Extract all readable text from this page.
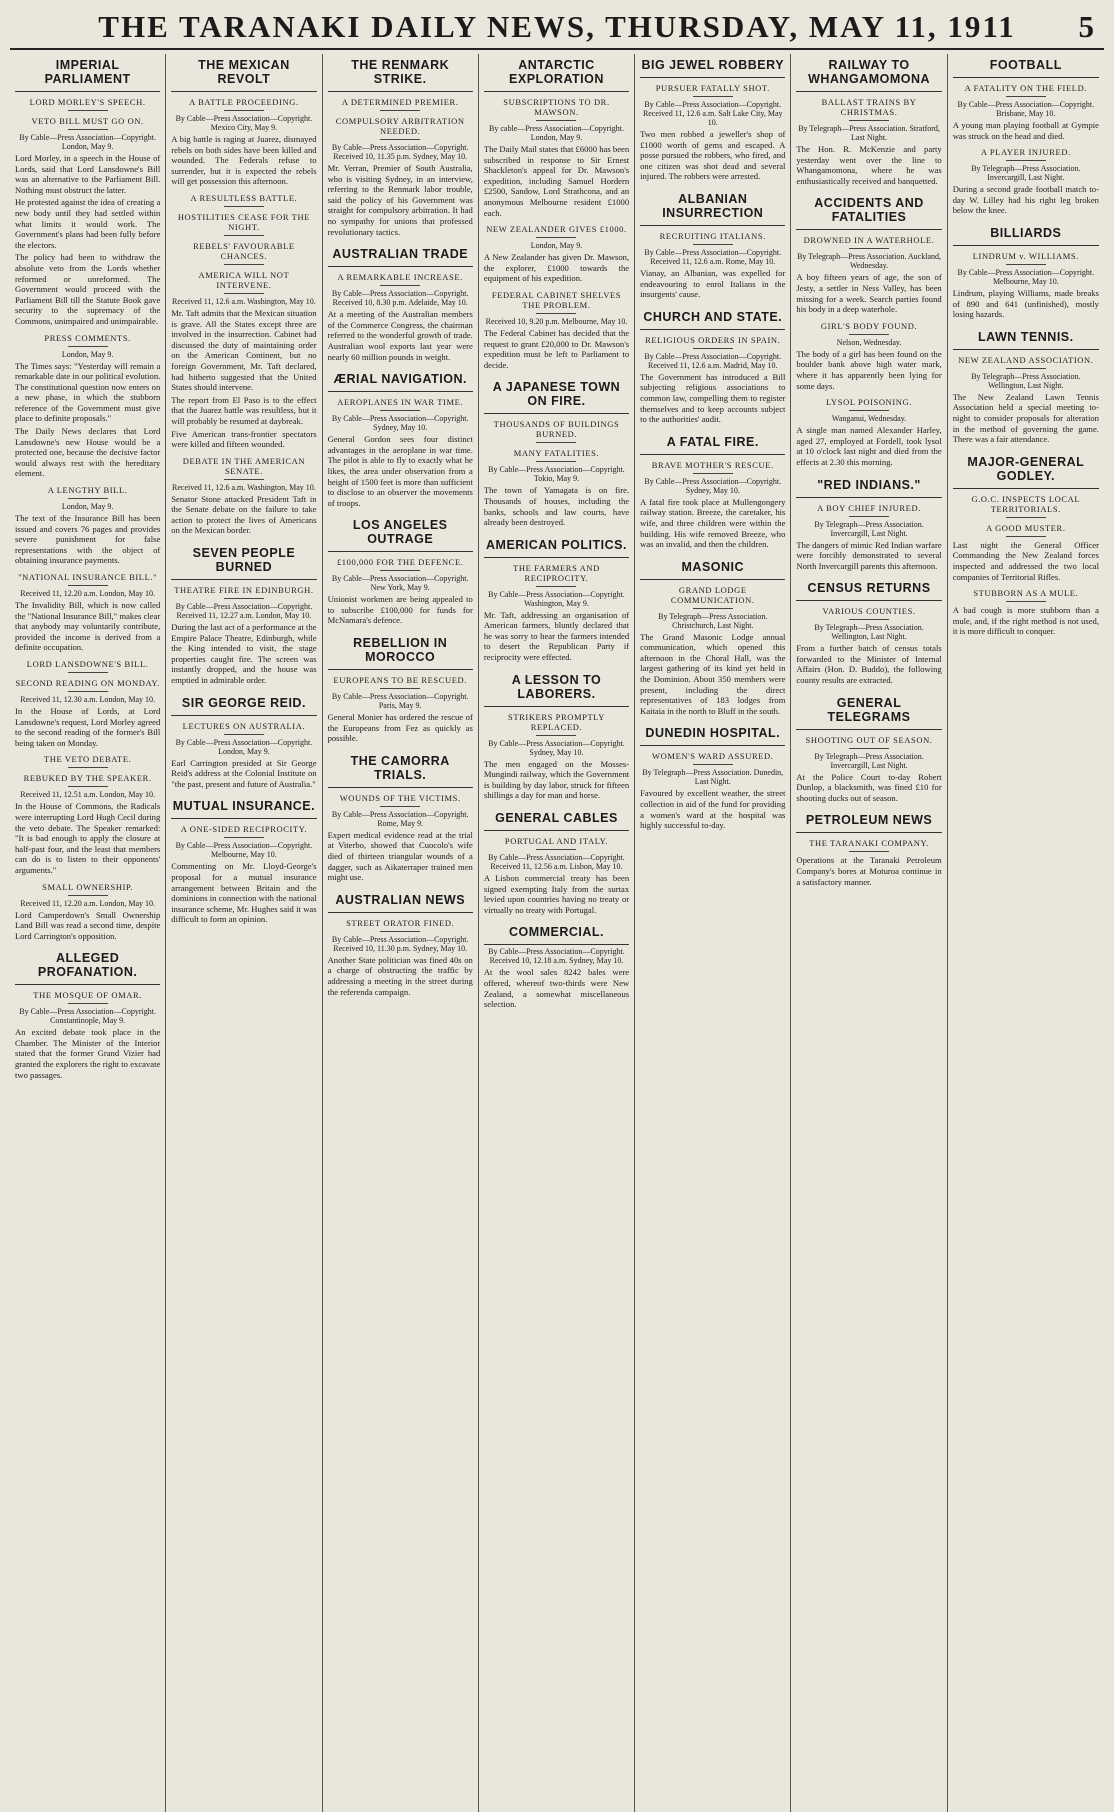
THE TARANAKI DAILY NEWS, THURSDAY, MAY 11, 1911 5
IMPERIAL PARLIAMENT
LORD MORLEY'S SPEECH.
VETO BILL MUST GO ON.
By Cable—Press Association—Copyright. London, May 9.

Lord Morley, in a speech in the House of Lords, said that Lord Lansdowne's Bill was an alternative to the Parliament Bill. Nothing must obstruct the latter.

He protested against the idea of creating a new body until they had settled within what limits it would work. The Government's plans had been fully before the electors.

The policy had been to withdraw the absolute veto from the Lords whether reformed or unreformed. The Government would proceed with the Parliament Bill till the Statute Book gave security to the supremacy of the Commons, unimpaired and unimpairable.

PRESS COMMENTS.
London, May 9.

The Times says: "Yesterday will remain a remarkable date in our political evolution. The constitutional question now enters on a new phase, in which the stubborn reference of the Government must give place to definite proposals."

The Daily News declares that Lord Lansdowne's new House would be a protected one, because the decisive factor would always rest with the hereditary element.

A LENGTHY BILL.
London, May 9.

The text of the Insurance Bill has been issued and covers 76 pages and provides severe punishment for false representations with the object of obtaining insurance payments.

"NATIONAL INSURANCE BILL."
Received 11, 12.20 a.m. London, May 10.

The Invalidity Bill, which is now called the "National Insurance Bill," makes clear that anybody may voluntarily contribute, provided the income is derived from a definite occupation.

LORD LANSDOWNE'S BILL.
SECOND READING ON MONDAY.
Received 11, 12.30 a.m. London, May 10.

In the House of Lords, at Lord Lansdowne's request, Lord Morley agreed to the second reading of the former's Bill being taken on Monday.

THE VETO DEBATE.
REBUKED BY THE SPEAKER.
Received 11, 12.51 a.m. London, May 10.

In the House of Commons, the Radicals were interrupting Lord Hugh Cecil during the veto debate. The Speaker remarked: "It is bad enough to apply the closure at half-past four, and the least that members can do is to listen to their opponents' arguments."

SMALL OWNERSHIP.
Received 11, 12.20 a.m. London, May 10.

Lord Camperdown's Small Ownership Land Bill was read a second time, despite Lord Carrington's opposition.

ALLEGED PROFANATION.
THE MOSQUE OF OMAR.
By Cable—Press Association—Copyright. Constantinople, May 9.

An excited debate took place in the Chamber. The Minister of the Interior stated that the former Grand Vizier had granted the explorers the right to excavate two passages.

THE MEXICAN REVOLT
A BATTLE PROCEEDING.
By Cable—Press Association—Copyright. Mexico City, May 9.

A big battle is raging at Juarez, dismayed rebels on both sides have been killed and wounded. The Federals refuse to surrender, but it is expected the rebels will get possession this afternoon.

A RESULTLESS BATTLE.
HOSTILITIES CEASE FOR THE NIGHT.
REBELS' FAVOURABLE CHANCES.
AMERICA WILL NOT INTERVENE.
Received 11, 12.6 a.m. Washington, May 10.

Mr. Taft admits that the Mexican situation is grave. All the States except three are involved in the insurrection. Cabinet had discussed the duty of maintaining order on the American Continent, but no foreign Government, Mr. Taft declared, had hitherto suggested that the United States should intervene.

The report from El Paso is to the effect that the Juarez battle was resultless, but it will probably be resumed at daybreak.

Five American trans-frontier spectators were killed and fifteen wounded.

DEBATE IN THE AMERICAN SENATE.
Received 11, 12.6 a.m. Washington, May 10.

Senator Stone attacked President Taft in the Senate debate on the failure to take action to protect the lives of Americans on the Mexican border.

SEVEN PEOPLE BURNED
THEATRE FIRE IN EDINBURGH.
By Cable—Press Association—Copyright. Received 11, 12.27 a.m. London, May 10.

During the last act of a performance at the Empire Palace Theatre, Edinburgh, while the King intended to visit, the stage properties caught fire. The screen was instantly dropped, and the house was emptied in admirable order.

SIR GEORGE REID.
LECTURES ON AUSTRALIA.
By Cable—Press Association—Copyright. London, May 9.

Earl Carrington presided at Sir George Reid's address at the Colonial Institute on "the past, present and future of Australia."

MUTUAL INSURANCE.
A ONE-SIDED RECIPROCITY.
By Cable—Press Association—Copyright. Melbourne, May 10.

Commenting on Mr. Lloyd-George's proposal for a mutual insurance arrangement between Britain and the dominions in connection with the national insurance scheme, Mr. Hughes said it was difficult to form an opinion.

THE RENMARK STRIKE.
A DETERMINED PREMIER.
COMPULSORY ARBITRATION NEEDED.
By Cable—Press Association—Copyright. Received 10, 11.35 p.m. Sydney, May 10.

Mr. Verran, Premier of South Australia, who is visiting Sydney, in an interview, referring to the Renmark labor trouble, said the policy of his Government was straight for compulsory arbitration. It had no sympathy for unions that professed revolutionary tactics.

AUSTRALIAN TRADE
A REMARKABLE INCREASE.
By Cable—Press Association—Copyright. Received 10, 8.30 p.m. Adelaide, May 10.

At a meeting of the Australian members of the Commerce Congress, the chairman referred to the wonderful growth of trade. Australian wool exports last year were nearly 60 million pounds in weight.

ÆRIAL NAVIGATION.
AEROPLANES IN WAR TIME.
By Cable—Press Association—Copyright. Sydney, May 10.

General Gordon sees four distinct advantages in the aeroplane in war time. The pilot is able to fly to exactly what he likes, the area under observation from a height of 1500 feet is more than sufficient to disclose to an observer the movements of troops.

LOS ANGELES OUTRAGE
£100,000 FOR THE DEFENCE.
By Cable—Press Association—Copyright. New York, May 9.

Unionist workmen are being appealed to to subscribe £100,000 for funds for McNamara's defence.

REBELLION IN MOROCCO
EUROPEANS TO BE RESCUED.
By Cable—Press Association—Copyright. Paris, May 9.

General Monier has ordered the rescue of the Europeans from Fez as quickly as possible.

THE CAMORRA TRIALS.
WOUNDS OF THE VICTIMS.
By Cable—Press Association—Copyright. Rome, May 9.

Expert medical evidence read at the trial at Viterbo, showed that Cuocolo's wife died of thirteen triangular wounds of a dagger, such as Aikaterraper trained men might use.

AUSTRALIAN NEWS
STREET ORATOR FINED.
By Cable—Press Association—Copyright. Received 10, 11.30 p.m. Sydney, May 10.

Another State politician was fined 40s on a charge of obstructing the traffic by addressing a meeting in the street during the referenda campaign.

ANTARCTIC EXPLORATION
SUBSCRIPTIONS TO DR. MAWSON.
By cable—Press Association—Copyright. London, May 9.

The Daily Mail states that £6000 has been subscribed in response to Sir Ernest Shackleton's appeal for Dr. Mawson's expedition, including Samuel Hordern £2500, Sandow, Lord Strathcona, and an anonymous Melbourne resident £1000 each.

NEW ZEALANDER GIVES £1000.
London, May 9.

A New Zealander has given Dr. Mawson, the explorer, £1000 towards the equipment of his expedition.

FEDERAL CABINET SHELVES THE PROBLEM.
Received 10, 9.20 p.m. Melbourne, May 10.

The Federal Cabinet has decided that the request to grant £20,000 to Dr. Mawson's expedition must be left to Parliament to decide.

A JAPANESE TOWN ON FIRE.
THOUSANDS OF BUILDINGS BURNED.
MANY FATALITIES.
By Cable—Press Association—Copyright. Tokio, May 9.

The town of Yamagata is on fire. Thousands of houses, including the banks, schools and law courts, have already been destroyed.

AMERICAN POLITICS.
THE FARMERS AND RECIPROCITY.
By Cable—Press Association—Copyright. Washington, May 9.

Mr. Taft, addressing an organisation of American farmers, bluntly declared that he was sorry to hear the farmers intended to desert the Republican Party if reciprocity were effected.

A LESSON TO LABORERS.
STRIKERS PROMPTLY REPLACED.
By Cable—Press Association—Copyright. Sydney, May 10.

The men engaged on the Mosses-Mungindi railway, which the Government is building by day labor, struck for fifteen shillings a day for man and horse.

GENERAL CABLES
PORTUGAL AND ITALY.
By Cable—Press Association—Copyright. Received 11, 12.56 a.m. Lisbon, May 10.

A Lisbon commercial treaty has been signed exempting Italy from the surtax levied upon countries having no treaty or virtually no treaty with Portugal.

COMMERCIAL.
By Cable—Press Association—Copyright. Received 10, 12.18 a.m. Sydney, May 10.

At the wool sales 8242 bales were offered, whereof two-thirds were New Zealand, a somewhat miscellaneous selection.

BIG JEWEL ROBBERY
PURSUER FATALLY SHOT.
By Cable—Press Association—Copyright. Received 11, 12.6 a.m. Salt Lake City, May 10.

Two men robbed a jeweller's shop of £1000 worth of gems and escaped. A posse pursued the robbers, who fired, and one citizen was shot dead and several injured. The robbers were arrested.

ALBANIAN INSURRECTION
RECRUITING ITALIANS.
By Cable—Press Association—Copyright. Received 11, 12.6 a.m. Rome, May 10.

Vianay, an Albanian, was expelled for endeavouring to enrol Italians in the insurgents' cause.

CHURCH AND STATE.
RELIGIOUS ORDERS IN SPAIN.
By Cable—Press Association—Copyright. Received 11, 12.6 a.m. Madrid, May 10.

The Government has introduced a Bill subjecting religious associations to common law, compelling them to register themselves and to keep accounts subject to the authorities' audit.

A FATAL FIRE.
BRAVE MOTHER'S RESCUE.
By Cable—Press Association—Copyright. Sydney, May 10.

A fatal fire took place at Mullengongery railway station. Breeze, the caretaker, his wife, and three children were within the building. His wife removed Breeze, who was an invalid, and then the children.

MASONIC
GRAND LODGE COMMUNICATION.
By Telegraph—Press Association. Christchurch, Last Night.

The Grand Masonic Lodge annual communication, which opened this afternoon in the Choral Hall, was the largest gathering of its kind yet held in the Dominion. About 350 members were present, including the direct representatives of 183 lodges from Kaitaia in the north to Bluff in the south.

DUNEDIN HOSPITAL.
WOMEN'S WARD ASSURED.
By Telegraph—Press Association. Dunedin, Last Night.

Favoured by excellent weather, the street collection in aid of the fund for providing a women's ward at the hospital was highly successful to-day.

RAILWAY TO WHANGAMOMONA
BALLAST TRAINS BY CHRISTMAS.
By Telegraph—Press Association. Stratford, Last Night.

The Hon. R. McKenzie and party yesterday went over the line to Whangamomona, where he was enthusiastically received and banquetted.

ACCIDENTS AND FATALITIES
DROWNED IN A WATERHOLE.
By Telegraph—Press Association. Auckland, Wednesday.

A boy fifteen years of age, the son of Jesty, a settler in Ness Valley, has been missing for a week. Search parties found his body in a deep waterhole.

GIRL'S BODY FOUND.
Nelson, Wednesday.

The body of a girl has been found on the boulder bank above high water mark, where it has apparently been lying for some days.

LYSOL POISONING.
Wanganui, Wednesday.

A single man named Alexander Harley, aged 27, employed at Fordell, took lysol at 10 o'clock last night and died from the effects at 2.30 this morning.

"RED INDIANS."
A BOY CHIEF INJURED.
By Telegraph—Press Association. Invercargill, Last Night.

The dangers of mimic Red Indian warfare were forcibly demonstrated to several North Invercargill parents this afternoon.

CENSUS RETURNS
VARIOUS COUNTIES.
By Telegraph—Press Association. Wellington, Last Night.

From a further batch of census totals forwarded to the Minister of Internal Affairs (Hon. D. Buddo), the following county results are extracted.

GENERAL TELEGRAMS
SHOOTING OUT OF SEASON.
By Telegraph—Press Association. Invercargill, Last Night.

At the Police Court to-day Robert Dunlop, a blacksmith, was fined £10 for shooting ducks out of season.

PETROLEUM NEWS
THE TARANAKI COMPANY.

Operations at the Taranaki Petroleum Company's bores at Moturoa continue in a satisfactory manner.

FOOTBALL
A FATALITY ON THE FIELD.
By Cable—Press Association—Copyright. Brisbane, May 10.

A young man playing football at Gympie was struck on the head and died.

A PLAYER INJURED.
By Telegraph—Press Association. Invercargill, Last Night.

During a second grade football match to-day W. Lilley had his right leg broken below the knee.

BILLIARDS
LINDRUM v. WILLIAMS.
By Cable—Press Association—Copyright. Melbourne, May 10.

Lindrum, playing Williams, made breaks of 890 and 641 (unfinished), mostly losing hazards.

LAWN TENNIS.
NEW ZEALAND ASSOCIATION.
By Telegraph—Press Association. Wellington, Last Night.

The New Zealand Lawn Tennis Association held a special meeting to-night to consider proposals for alteration in the method of governing the game. There was a fair attendance.

MAJOR-GENERAL GODLEY.
G.O.C. INSPECTS LOCAL TERRITORIALS.
A GOOD MUSTER.

Last night the General Officer Commanding the New Zealand forces inspected and addressed the two local companies of Territorial Rifles.

STUBBORN AS A MULE.

A bad cough is more stubborn than a mule, and, if the right method is not used, it is more difficult to conquer.
